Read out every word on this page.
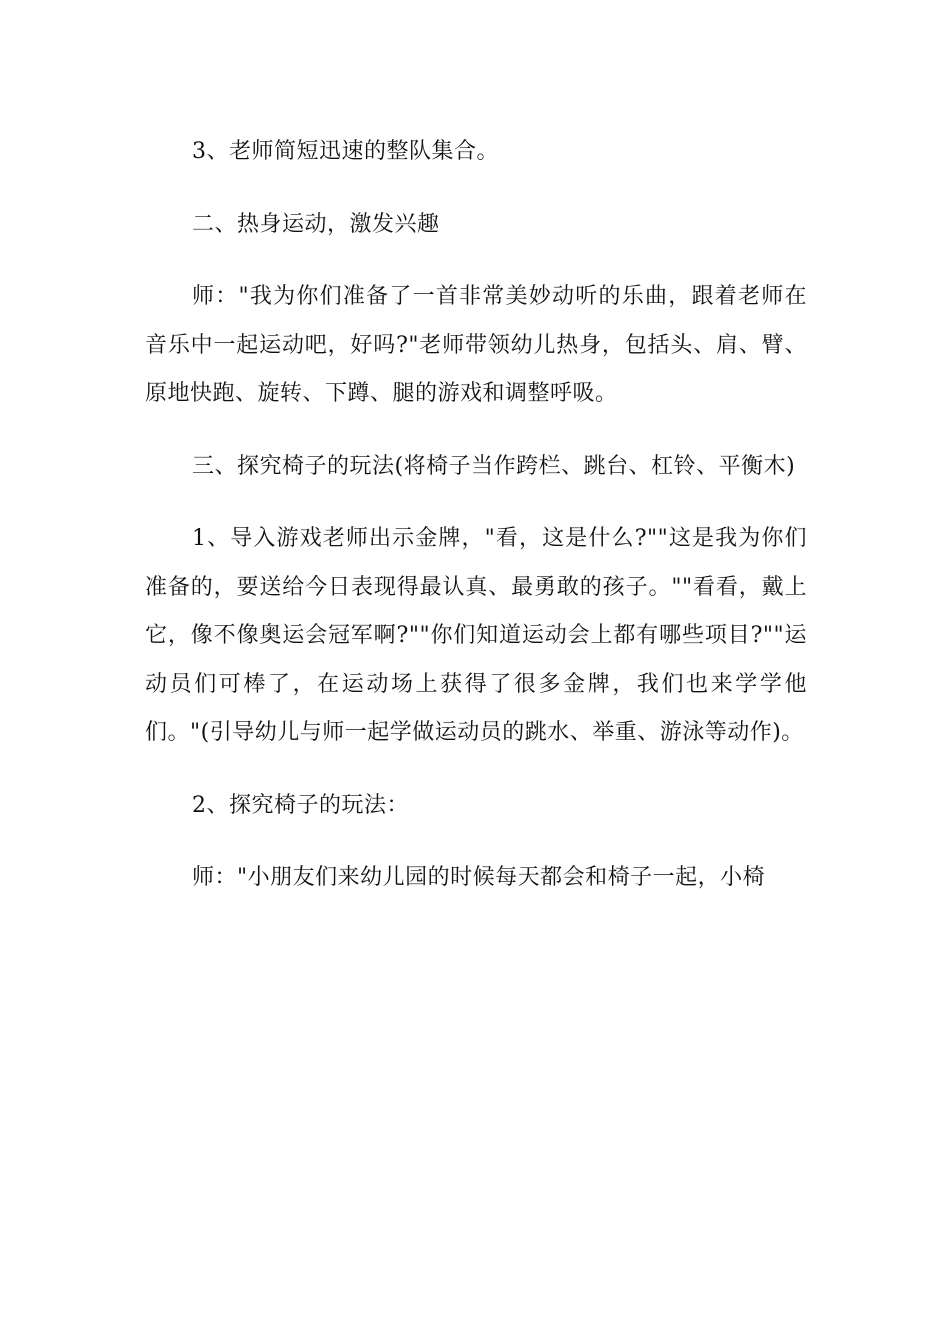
3、老师简短迅速的整队集合。

二、热身运动，激发兴趣

师："我为你们准备了一首非常美妙动听的乐曲，跟着老师在音乐中一起运动吧，好吗?"老师带领幼儿热身，包括头、肩、臂、原地快跑、旋转、下蹲、腿的游戏和调整呼吸。

三、探究椅子的玩法(将椅子当作跨栏、跳台、杠铃、平衡木)

1、导入游戏老师出示金牌，"看，这是什么?""这是我为你们准备的，要送给今日表现得最认真、最勇敢的孩子。""看看，戴上它，像不像奥运会冠军啊?""你们知道运动会上都有哪些项目?""运动员们可棒了，在运动场上获得了很多金牌，我们也来学学他们。"(引导幼儿与师一起学做运动员的跳水、举重、游泳等动作)。

2、探究椅子的玩法：

师："小朋友们来幼儿园的时候每天都会和椅子一起，小椅
